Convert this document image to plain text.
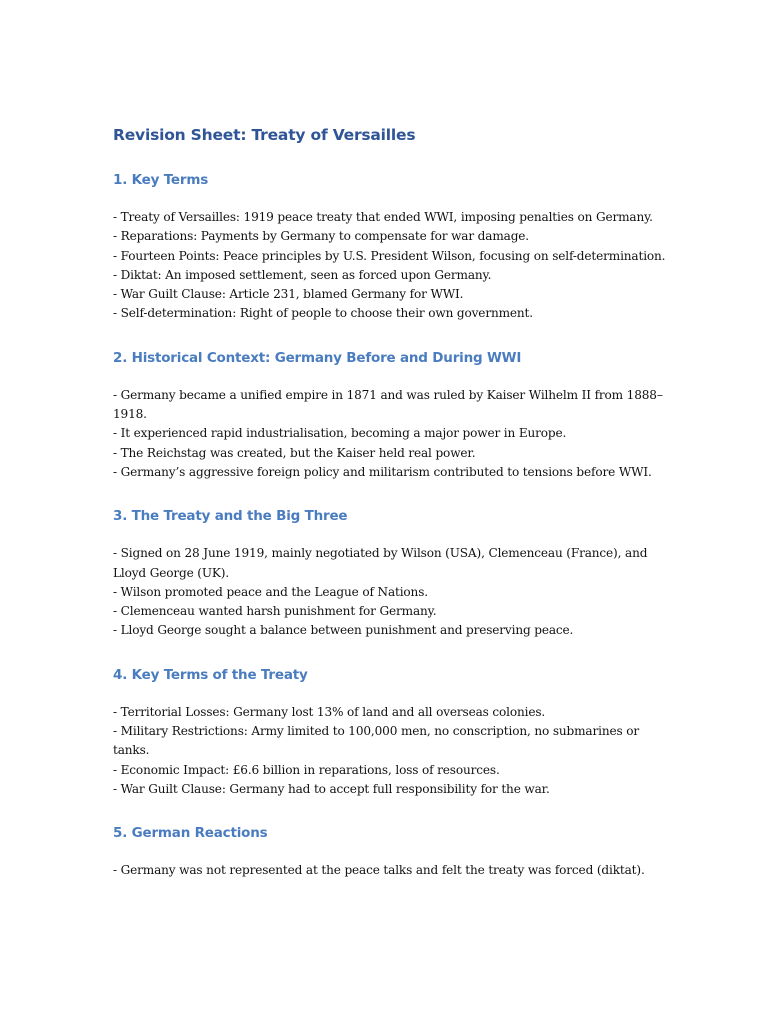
Revision Sheet: Treaty of Versailles
1. Key Terms

- Treaty of Versailles: 1919 peace treaty that ended WWI, imposing penalties on Germany.

- Reparations: Payments by Germany to compensate for war damage.

- Fourteen Points: Peace principles by U.S. President Wilson, focusing on self-determination.

- Diktat: An imposed settlement, seen as forced upon Germany.

- War Guilt Clause: Article 231, blamed Germany for WWI.

- Self-determination: Right of people to choose their own government.

2. Historical Context: Germany Before and During WWI

- Germany became a unified empire in 1871 and was ruled by Kaiser Wilhelm II from 1888–

1918.

- It experienced rapid industrialisation, becoming a major power in Europe.

- The Reichstag was created, but the Kaiser held real power.

- Germany’s aggressive foreign policy and militarism contributed to tensions before WWI.

3. The Treaty and the Big Three

- Signed on 28 June 1919, mainly negotiated by Wilson (USA), Clemenceau (France), and

Lloyd George (UK).

- Wilson promoted peace and the League of Nations.

- Clemenceau wanted harsh punishment for Germany.

- Lloyd George sought a balance between punishment and preserving peace.

4. Key Terms of the Treaty

- Territorial Losses: Germany lost 13% of land and all overseas colonies.

- Military Restrictions: Army limited to 100,000 men, no conscription, no submarines or

tanks.

- Economic Impact: £6.6 billion in reparations, loss of resources.

- War Guilt Clause: Germany had to accept full responsibility for the war.

5. German Reactions

- Germany was not represented at the peace talks and felt the treaty was forced (diktat).
